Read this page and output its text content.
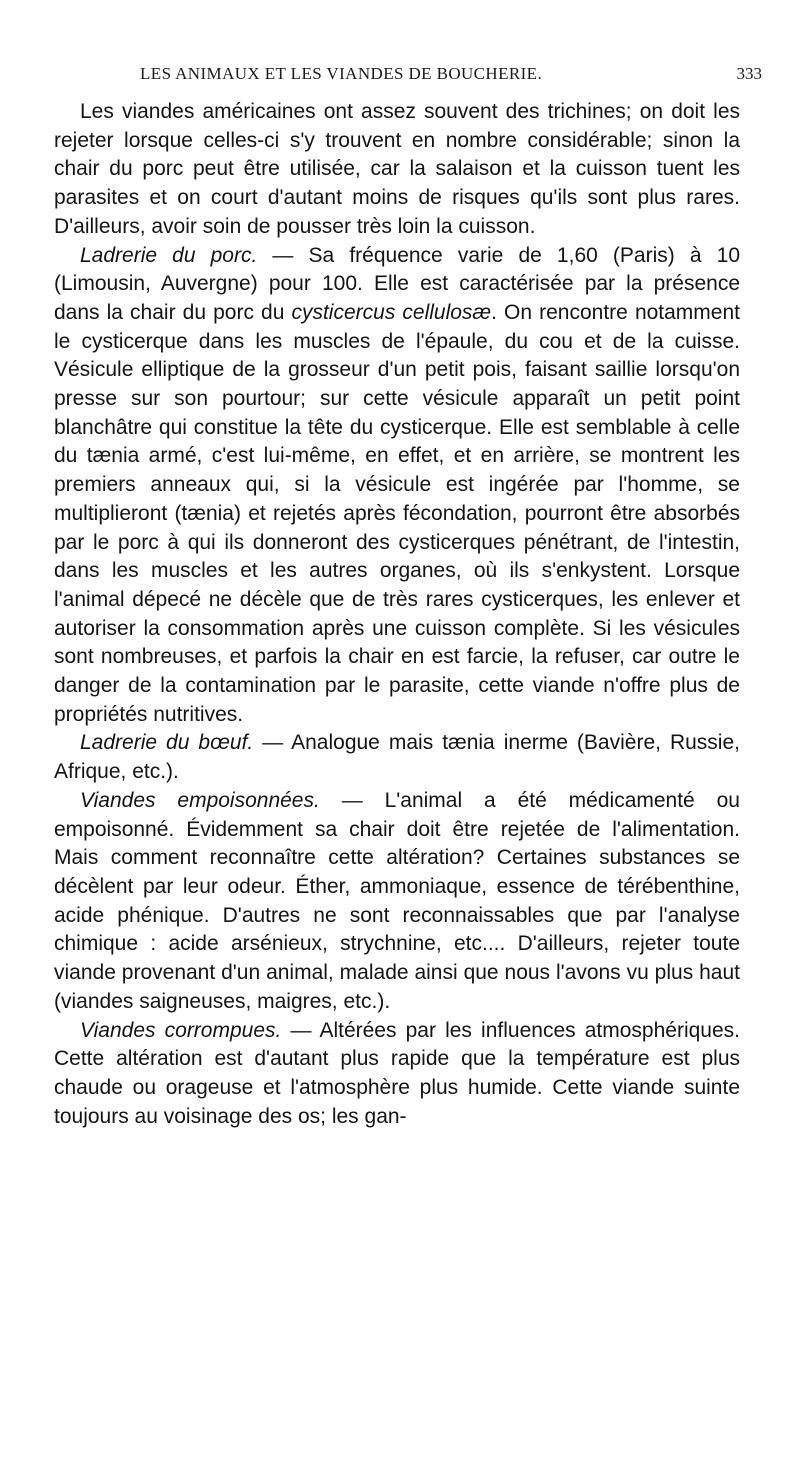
LES ANIMAUX ET LES VIANDES DE BOUCHERIE.	333

Les viandes américaines ont assez souvent des trichines; on doit les rejeter lorsque celles-ci s'y trouvent en nombre considérable; sinon la chair du porc peut être utilisée, car la salaison et la cuisson tuent les parasites et on court d'autant moins de risques qu'ils sont plus rares. D'ailleurs, avoir soin de pousser très loin la cuisson.

Ladrerie du porc. — Sa fréquence varie de 1,60 (Paris) à 10 (Limousin, Auvergne) pour 100. Elle est caractérisée par la présence dans la chair du porc du cysticercus cellulosæ. On rencontre notamment le cysticerque dans les muscles de l'épaule, du cou et de la cuisse. Vésicule elliptique de la grosseur d'un petit pois, faisant saillie lorsqu'on presse sur son pourtour; sur cette vésicule apparaît un petit point blanchâtre qui constitue la tête du cysticerque. Elle est semblable à celle du tænia armé, c'est lui-même, en effet, et en arrière, se montrent les premiers anneaux qui, si la vésicule est ingérée par l'homme, se multiplieront (tænia) et rejetés après fécondation, pourront être absorbés par le porc à qui ils donneront des cysticerques pénétrant, de l'intestin, dans les muscles et les autres organes, où ils s'enkystent. Lorsque l'animal dépecé ne décèle que de très rares cysticerques, les enlever et autoriser la consommation après une cuisson complète. Si les vésicules sont nombreuses, et parfois la chair en est farcie, la refuser, car outre le danger de la contamination par le parasite, cette viande n'offre plus de propriétés nutritives.

Ladrerie du bœuf. — Analogue mais tænia inerme (Bavière, Russie, Afrique, etc.).

Viandes empoisonnées. — L'animal a été médicamenté ou empoisonné. Évidemment sa chair doit être rejetée de l'alimentation. Mais comment reconnaître cette altération? Certaines substances se décèlent par leur odeur. Éther, ammoniaque, essence de térébenthine, acide phénique. D'autres ne sont reconnaissables que par l'analyse chimique : acide arsénieux, strychnine, etc.... D'ailleurs, rejeter toute viande provenant d'un animal, malade ainsi que nous l'avons vu plus haut (viandes saigneuses, maigres, etc.).

Viandes corrompues. — Altérées par les influences atmosphériques. Cette altération est d'autant plus rapide que la température est plus chaude ou orageuse et l'atmosphère plus humide. Cette viande suinte toujours au voisinage des os; les gan-
